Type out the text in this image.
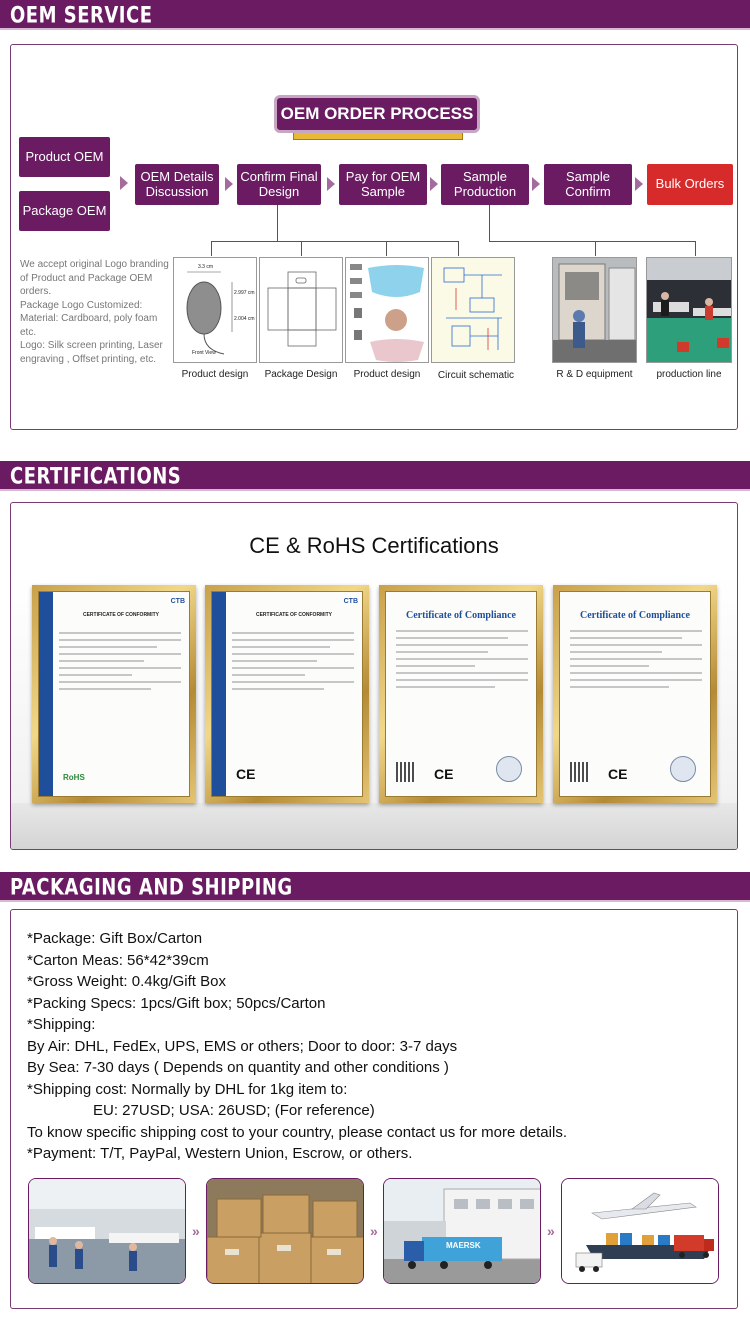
OEM SERVICE
OEM ORDER PROCESS
Product OEM
Package OEM
OEM Details Discussion
Confirm Final Design
Pay for OEM Sample
Sample Production
Sample Confirm	Bulk Orders
We accept original Logo branding
of Product and Package OEM
orders.
Package Logo Customized:
Material: Cardboard, poly foam
etc.
Logo: Silk screen printing, Laser
engraving , Offset printing, etc.
3.3 cm
2.997 cm
2.004 cm
Front View
Product design	Package Design	Product design	Circuit schematic	R & D equipment	production line
CERTIFICATIONS
CE & RoHS Certifications
CTB
CERTIFICATE OF CONFORMITY
RoHS
CTB
CERTIFICATE OF CONFORMITY
CE
Certificate of Compliance
CE
Certificate of Compliance
CE
PACKAGING AND SHIPPING
*Package: Gift Box/Carton
*Carton Meas: 56*42*39cm
*Gross Weight: 0.4kg/Gift Box
*Packing Specs: 1pcs/Gift box; 50pcs/Carton
*Shipping:
By Air: DHL, FedEx, UPS, EMS or others; Door to door: 3-7 days
By Sea: 7-30 days ( Depends on quantity and other conditions )
*Shipping cost: Normally by DHL for 1kg item to:
EU: 27USD; USA: 26USD; (For reference)
To know specific shipping cost to your country, please contact us for more details.
*Payment: T/T, PayPal, Western Union, Escrow, or others.
»	»
MAERSK
»
